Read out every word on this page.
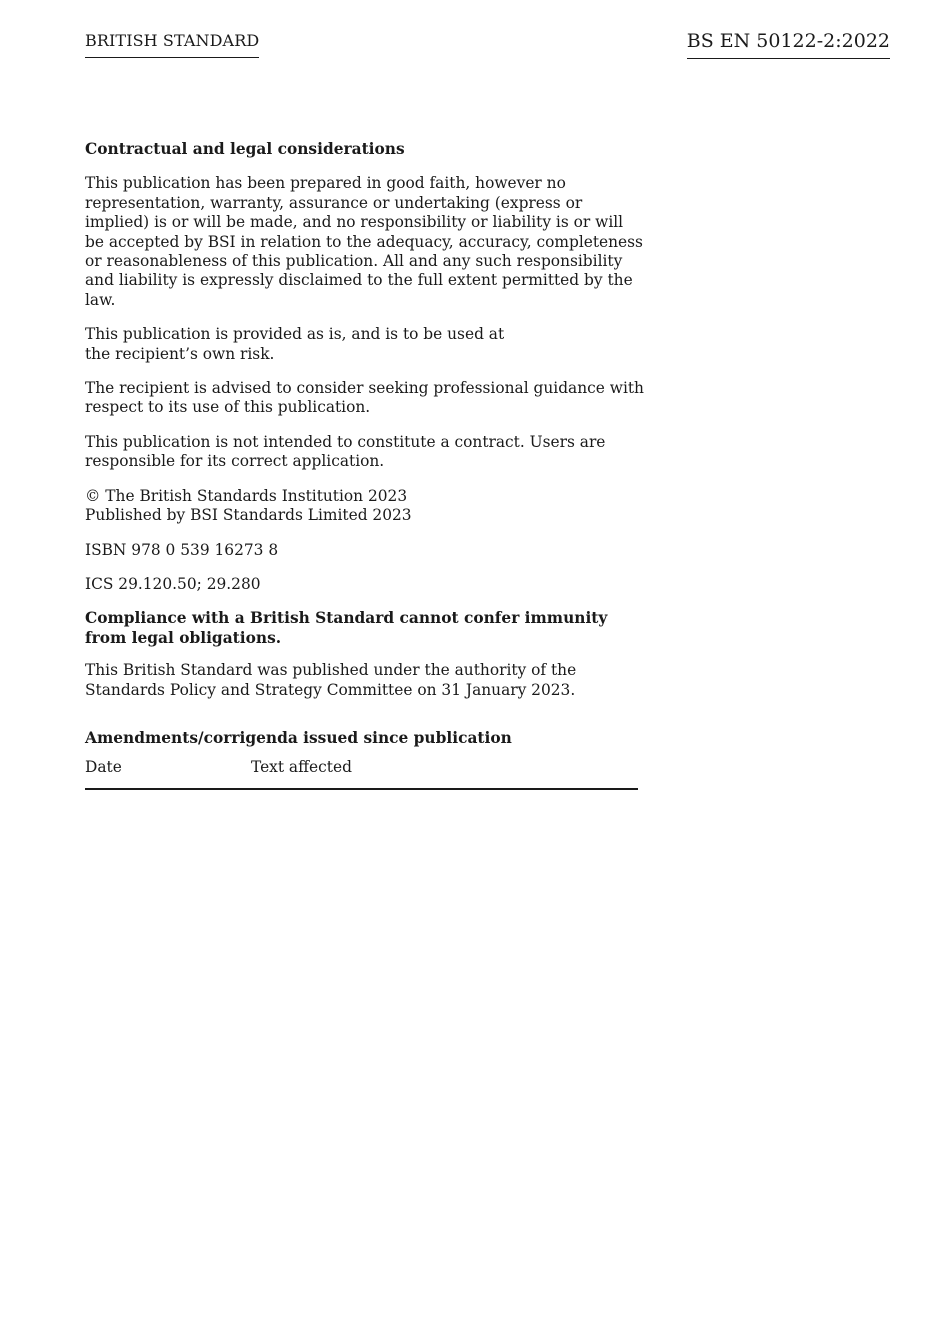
BRITISH STANDARD	BS EN 50122-2:2022
Contractual and legal considerations

This publication has been prepared in good faith, however no representation, warranty, assurance or undertaking (express or implied) is or will be made, and no responsibility or liability is or will be accepted by BSI in relation to the adequacy, accuracy, completeness or reasonableness of this publication. All and any such responsibility and liability is expressly disclaimed to the full extent permitted by the law.

This publication is provided as is, and is to be used at the recipient’s own risk.

The recipient is advised to consider seeking professional guidance with respect to its use of this publication.

This publication is not intended to constitute a contract. Users are responsible for its correct application.

© The British Standards Institution 2023
Published by BSI Standards Limited 2023

ISBN 978 0 539 16273 8

ICS 29.120.50; 29.280

Compliance with a British Standard cannot confer immunity from legal obligations.

This British Standard was published under the authority of the Standards Policy and Strategy Committee on 31 January 2023.

Amendments/corrigenda issued since publication
Date	Text affected
